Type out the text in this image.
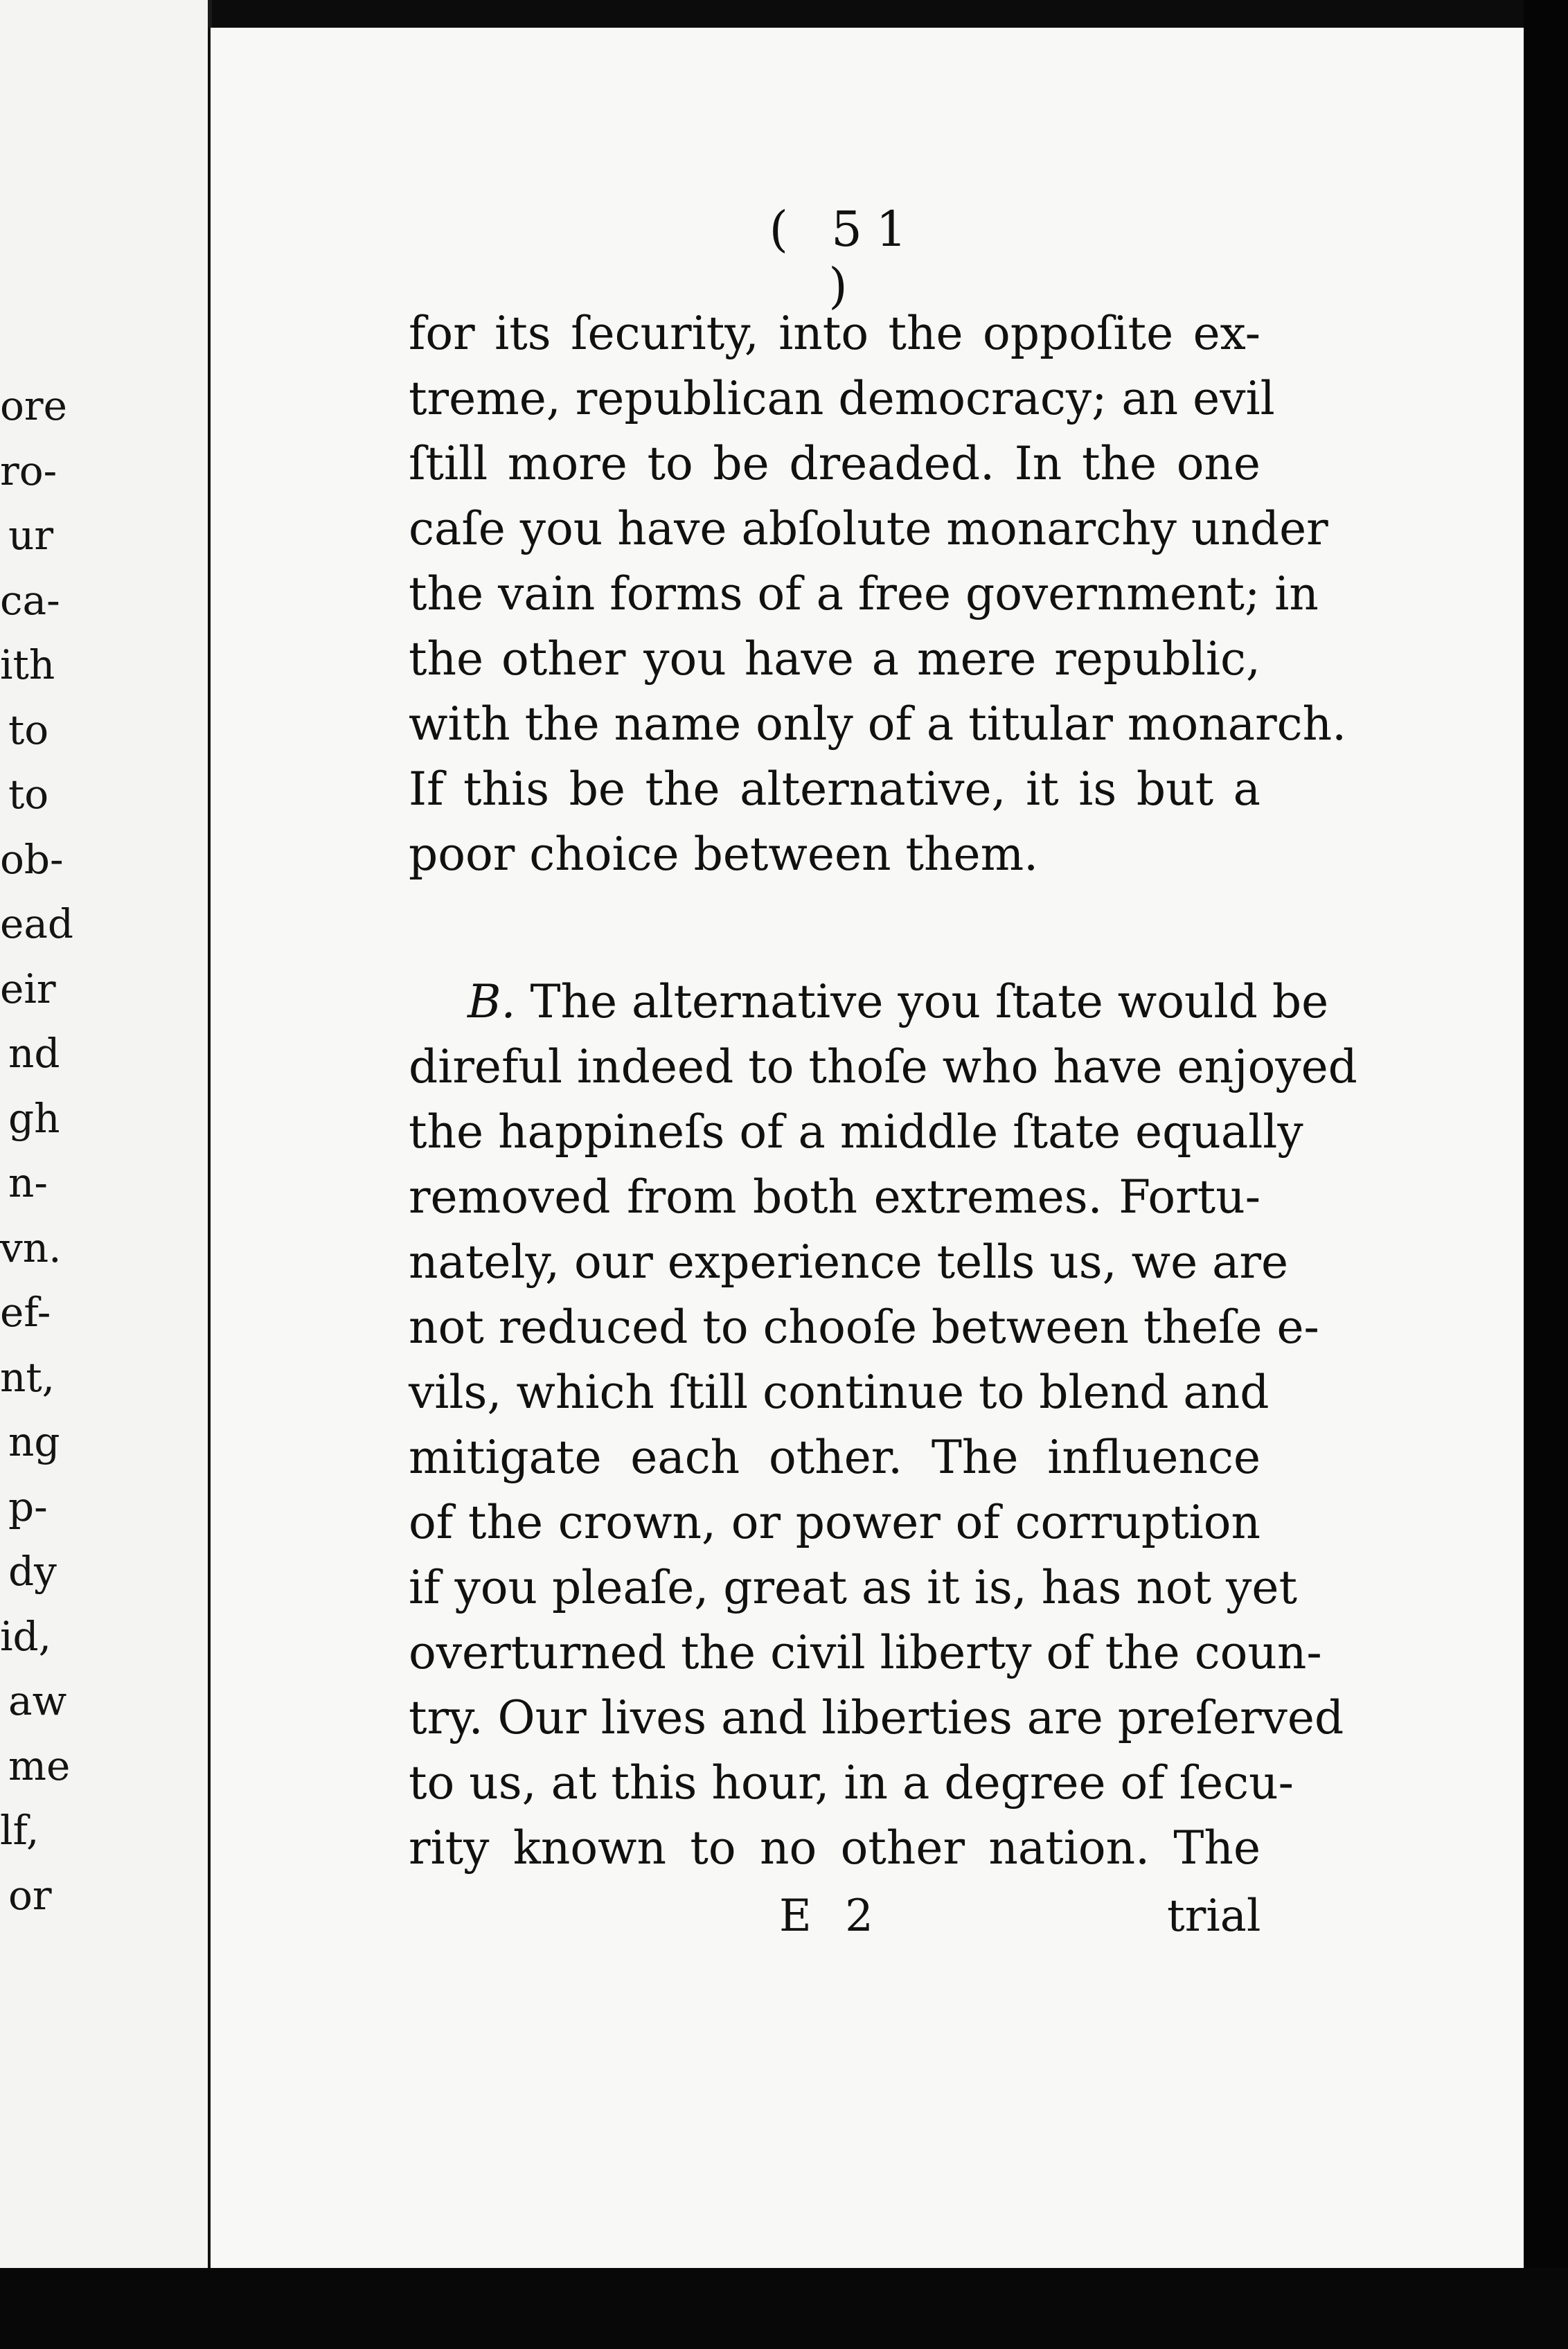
ore
ro-
ur
ca-
ith
to
to
ob-
ead
eir
nd
gh
n-
vn.
ef-
nt,
ng
p-
dy
id,
aw
me
lf,
or
( 51 )
for its ſecurity, into the oppoſite ex-
treme, republican democracy; an evil
ſtill more to be dreaded. In the one
caſe you have abſolute monarchy under
the vain forms of a free government; in
the other you have a mere republic,
with the name only of a titular monarch.
If this be the alternative, it is but a
poor choice between them.
B. The alternative you ſtate would be
direful indeed to thoſe who have enjoyed
the happineſs of a middle ſtate equally
removed from both extremes. Fortu-
nately, our experience tells us, we are
not reduced to chooſe between theſe e-
vils, which ſtill continue to blend and
mitigate each other. The influence
of the crown, or power of corruption
if you pleaſe, great as it is, has not yet
overturned the civil liberty of the coun-
try. Our lives and liberties are preſerved
to us, at this hour, in a degree of ſecu-
rity known to no other nation. The
E 2	trial
